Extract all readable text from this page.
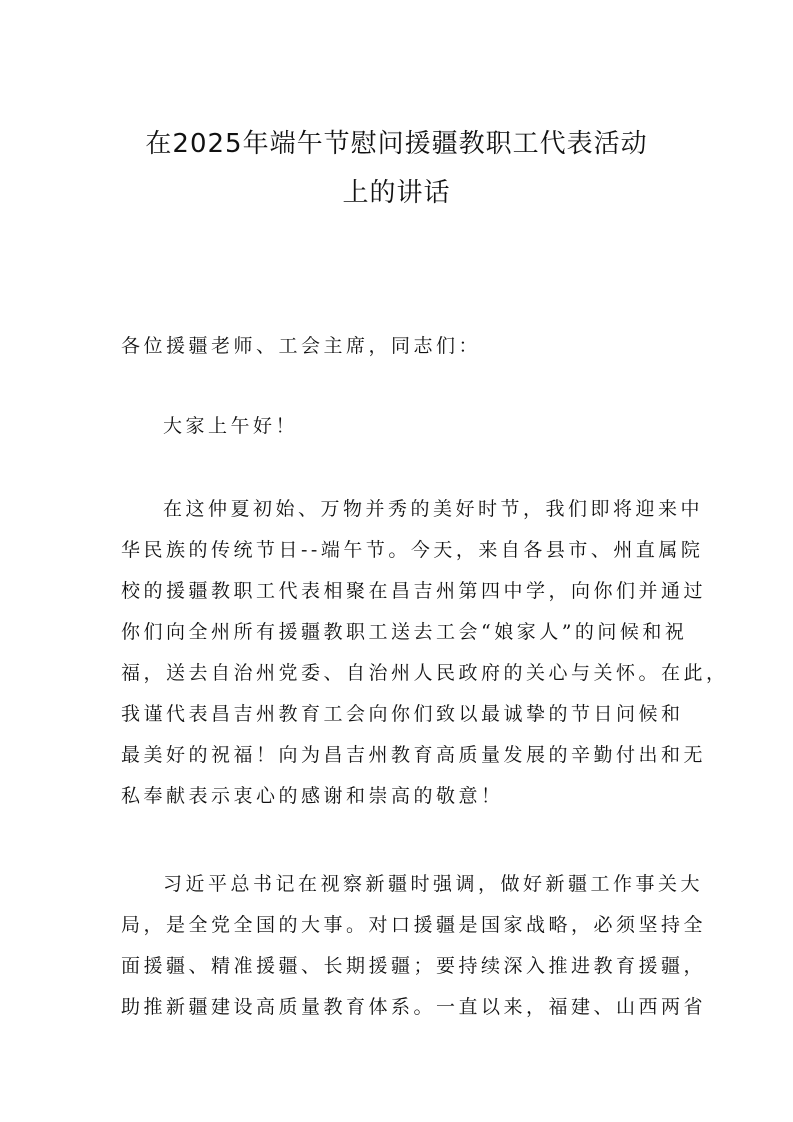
在2025年端午节慰问援疆教职工代表活动
上的讲话
各位援疆老师、工会主席，同志们：
大家上午好！
在这仲夏初始、万物并秀的美好时节，我们即将迎来中
华民族的传统节日--端午节。今天，来自各县市、州直属院
校的援疆教职工代表相聚在昌吉州第四中学，向你们并通过
你们向全州所有援疆教职工送去工会“娘家人”的问候和祝
福，送去自治州党委、自治州人民政府的关心与关怀。在此，
我谨代表昌吉州教育工会向你们致以最诚挚的节日问候和
最美好的祝福！向为昌吉州教育高质量发展的辛勤付出和无
私奉献表示衷心的感谢和崇高的敬意！
习近平总书记在视察新疆时强调，做好新疆工作事关大
局，是全党全国的大事。对口援疆是国家战略，必须坚持全
面援疆、精准援疆、长期援疆；要持续深入推进教育援疆，
助推新疆建设高质量教育体系。一直以来，福建、山西两省
